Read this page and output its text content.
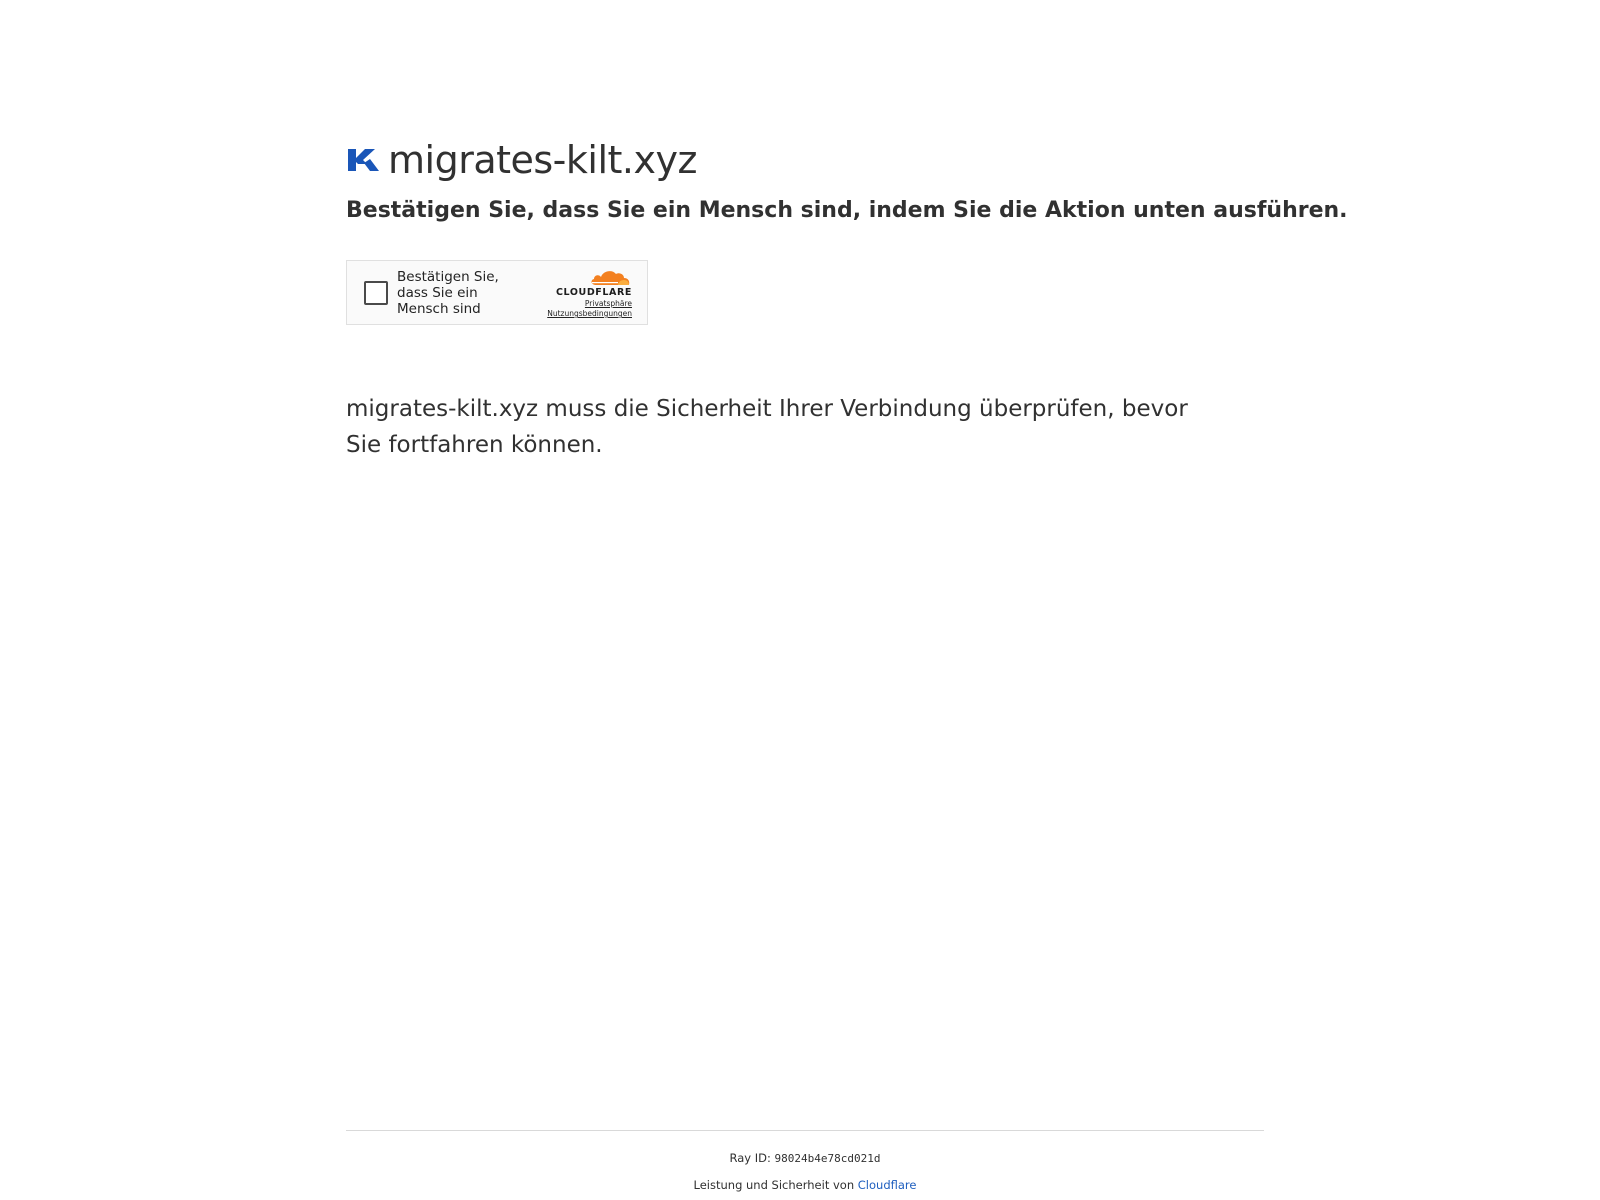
migrates-kilt.xyz
Bestätigen Sie, dass Sie ein Mensch sind, indem Sie die Aktion unten ausführen.
Bestätigen Sie, dass Sie ein Mensch sind
CLOUDFLARE
Privatsphäre
Nutzungsbedingungen

migrates-kilt.xyz muss die Sicherheit Ihrer Verbindung überprüfen, bevor Sie fortfahren können.

Ray ID: 98024b4e78cd021d
Leistung und Sicherheit von Cloudflare
